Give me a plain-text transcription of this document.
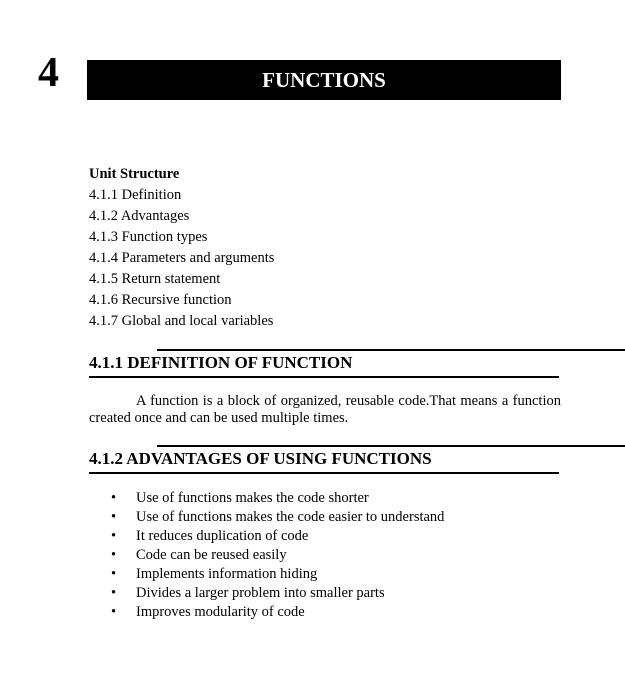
4	FUNCTIONS
Unit Structure
4.1.1 Definition
4.1.2 Advantages
4.1.3 Function types
4.1.4 Parameters and arguments
4.1.5 Return statement
4.1.6 Recursive function
4.1.7 Global and local variables
4.1.1 DEFINITION OF FUNCTION

A function is a block of organized, reusable code.That means a function created once and can be used multiple times.

4.1.2 ADVANTAGES OF USING FUNCTIONS
• Use of functions makes the code shorter
• Use of functions makes the code easier to understand
• It reduces duplication of code
• Code can be reused easily
• Implements information hiding
• Divides a larger problem into smaller parts
• Improves modularity of code
